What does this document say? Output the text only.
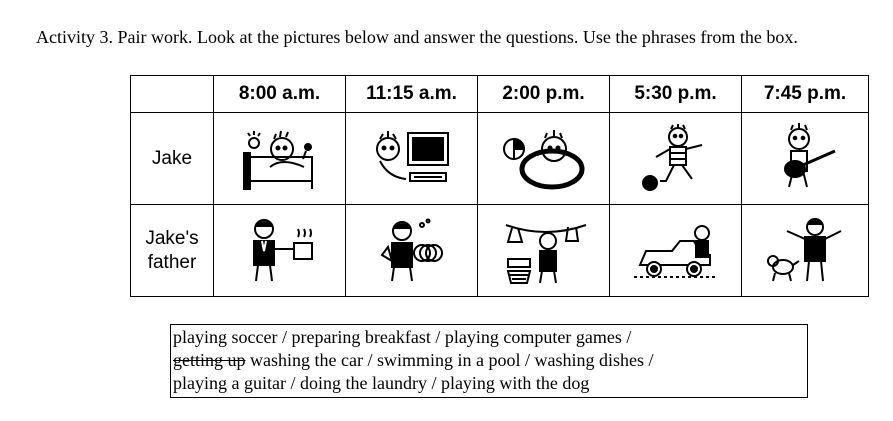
Activity 3. Pair work. Look at the pictures below and answer the questions. Use the phrases from the box.
	8:00 a.m.	11:15 a.m.	2:00 p.m.	5:30 p.m.	7:45 p.m.
Jake	

Jake's father	

playing soccer / preparing breakfast / playing computer games /
getting up washing the car / swimming in a pool / washing dishes /
playing a guitar / doing the laundry / playing with the dog
